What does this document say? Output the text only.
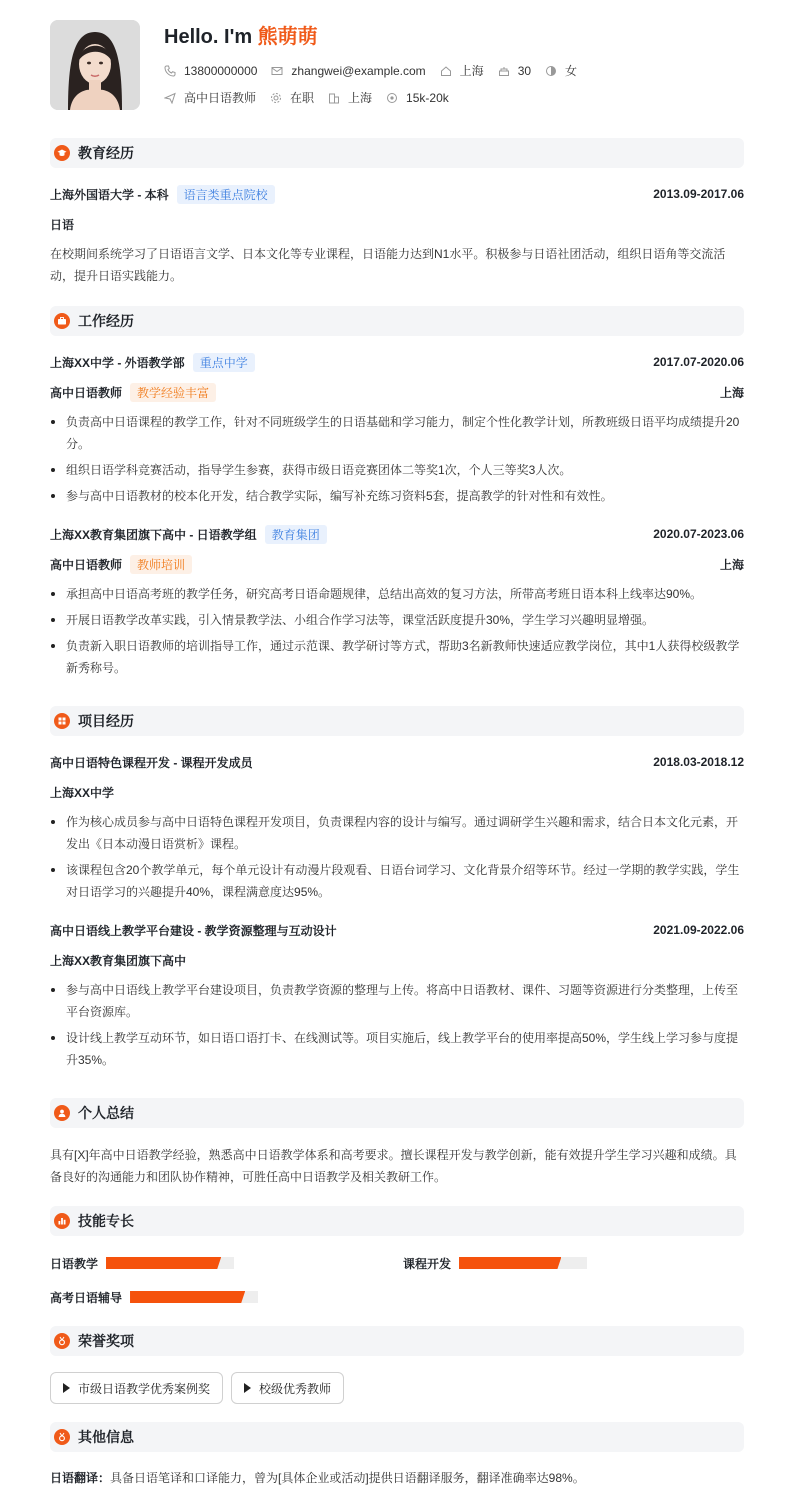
Hello. I'm 熊萌萌
13800000000	zhangwei@example.com	上海	30	女
高中日语教师	在职	上海	15k-20k
教育经历
上海外国语大学 - 本科 语言类重点院校	2013.09-2017.06
日语
在校期间系统学习了日语语言文学、日本文化等专业课程，日语能力达到N1水平。积极参与日语社团活动，组织日语角等交流活动，提升日语实践能力。
工作经历
上海XX中学 - 外语教学部 重点中学	2017.07-2020.06
高中日语教师 教学经验丰富	上海
负责高中日语课程的教学工作，针对不同班级学生的日语基础和学习能力，制定个性化教学计划，所教班级日语平均成绩提升20分。
组织日语学科竞赛活动，指导学生参赛，获得市级日语竞赛团体二等奖1次，个人三等奖3人次。
参与高中日语教材的校本化开发，结合教学实际，编写补充练习资料5套，提高教学的针对性和有效性。
上海XX教育集团旗下高中 - 日语教学组 教育集团	2020.07-2023.06
高中日语教师 教师培训	上海
承担高中日语高考班的教学任务，研究高考日语命题规律，总结出高效的复习方法，所带高考班日语本科上线率达90%。
开展日语教学改革实践，引入情景教学法、小组合作学习法等，课堂活跃度提升30%，学生学习兴趣明显增强。
负责新入职日语教师的培训指导工作，通过示范课、教学研讨等方式，帮助3名新教师快速适应教学岗位，其中1人获得校级教学新秀称号。
项目经历
高中日语特色课程开发 - 课程开发成员	2018.03-2018.12
上海XX中学
作为核心成员参与高中日语特色课程开发项目，负责课程内容的设计与编写。通过调研学生兴趣和需求，结合日本文化元素，开发出《日本动漫日语赏析》课程。
该课程包含20个教学单元，每个单元设计有动漫片段观看、日语台词学习、文化背景介绍等环节。经过一学期的教学实践，学生对日语学习的兴趣提升40%，课程满意度达95%。
高中日语线上教学平台建设 - 教学资源整理与互动设计	2021.09-2022.06
上海XX教育集团旗下高中
参与高中日语线上教学平台建设项目，负责教学资源的整理与上传。将高中日语教材、课件、习题等资源进行分类整理，上传至平台资源库。
设计线上教学互动环节，如日语口语打卡、在线测试等。项目实施后，线上教学平台的使用率提高50%，学生线上学习参与度提升35%。
个人总结
具有[X]年高中日语教学经验，熟悉高中日语教学体系和高考要求。擅长课程开发与教学创新，能有效提升学生学习兴趣和成绩。具备良好的沟通能力和团队协作精神，可胜任高中日语教学及相关教研工作。
技能专长
日语教学	课程开发
高考日语辅导
荣誉奖项
市级日语教学优秀案例奖	校级优秀教师
其他信息
日语翻译：具备日语笔译和口译能力，曾为[具体企业或活动]提供日语翻译服务，翻译准确率达98%。
